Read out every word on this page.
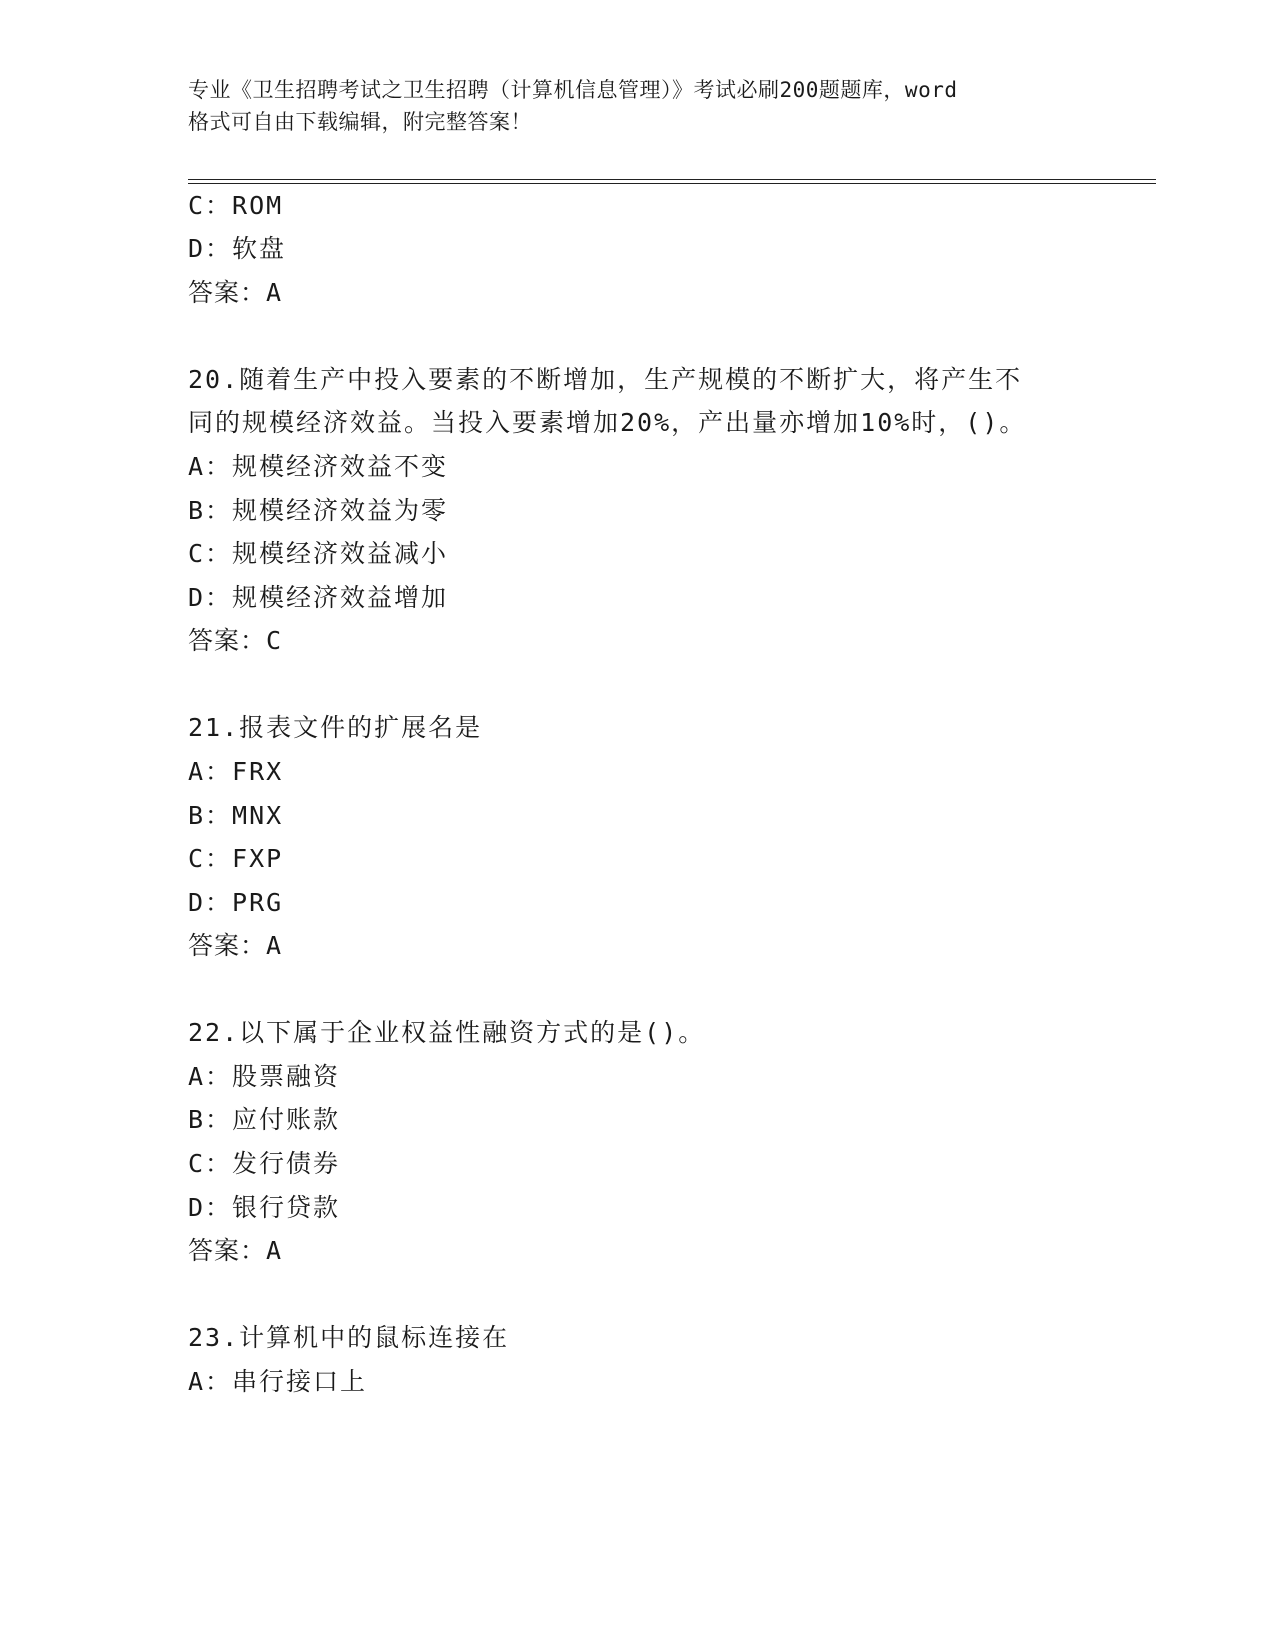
专业《卫生招聘考试之卫生招聘（计算机信息管理）》考试必刷200题题库，word
格式可自由下载编辑，附完整答案！
C：ROM
D：软盘
答案：A
20.随着生产中投入要素的不断增加，生产规模的不断扩大，将产生不
同的规模经济效益。当投入要素增加20%，产出量亦增加10%时，()。
A：规模经济效益不变
B：规模经济效益为零
C：规模经济效益减小
D：规模经济效益增加
答案：C
21.报表文件的扩展名是
A：FRX
B：MNX
C：FXP
D：PRG
答案：A
22.以下属于企业权益性融资方式的是()。
A：股票融资
B：应付账款
C：发行债券
D：银行贷款
答案：A
23.计算机中的鼠标连接在
A：串行接口上
